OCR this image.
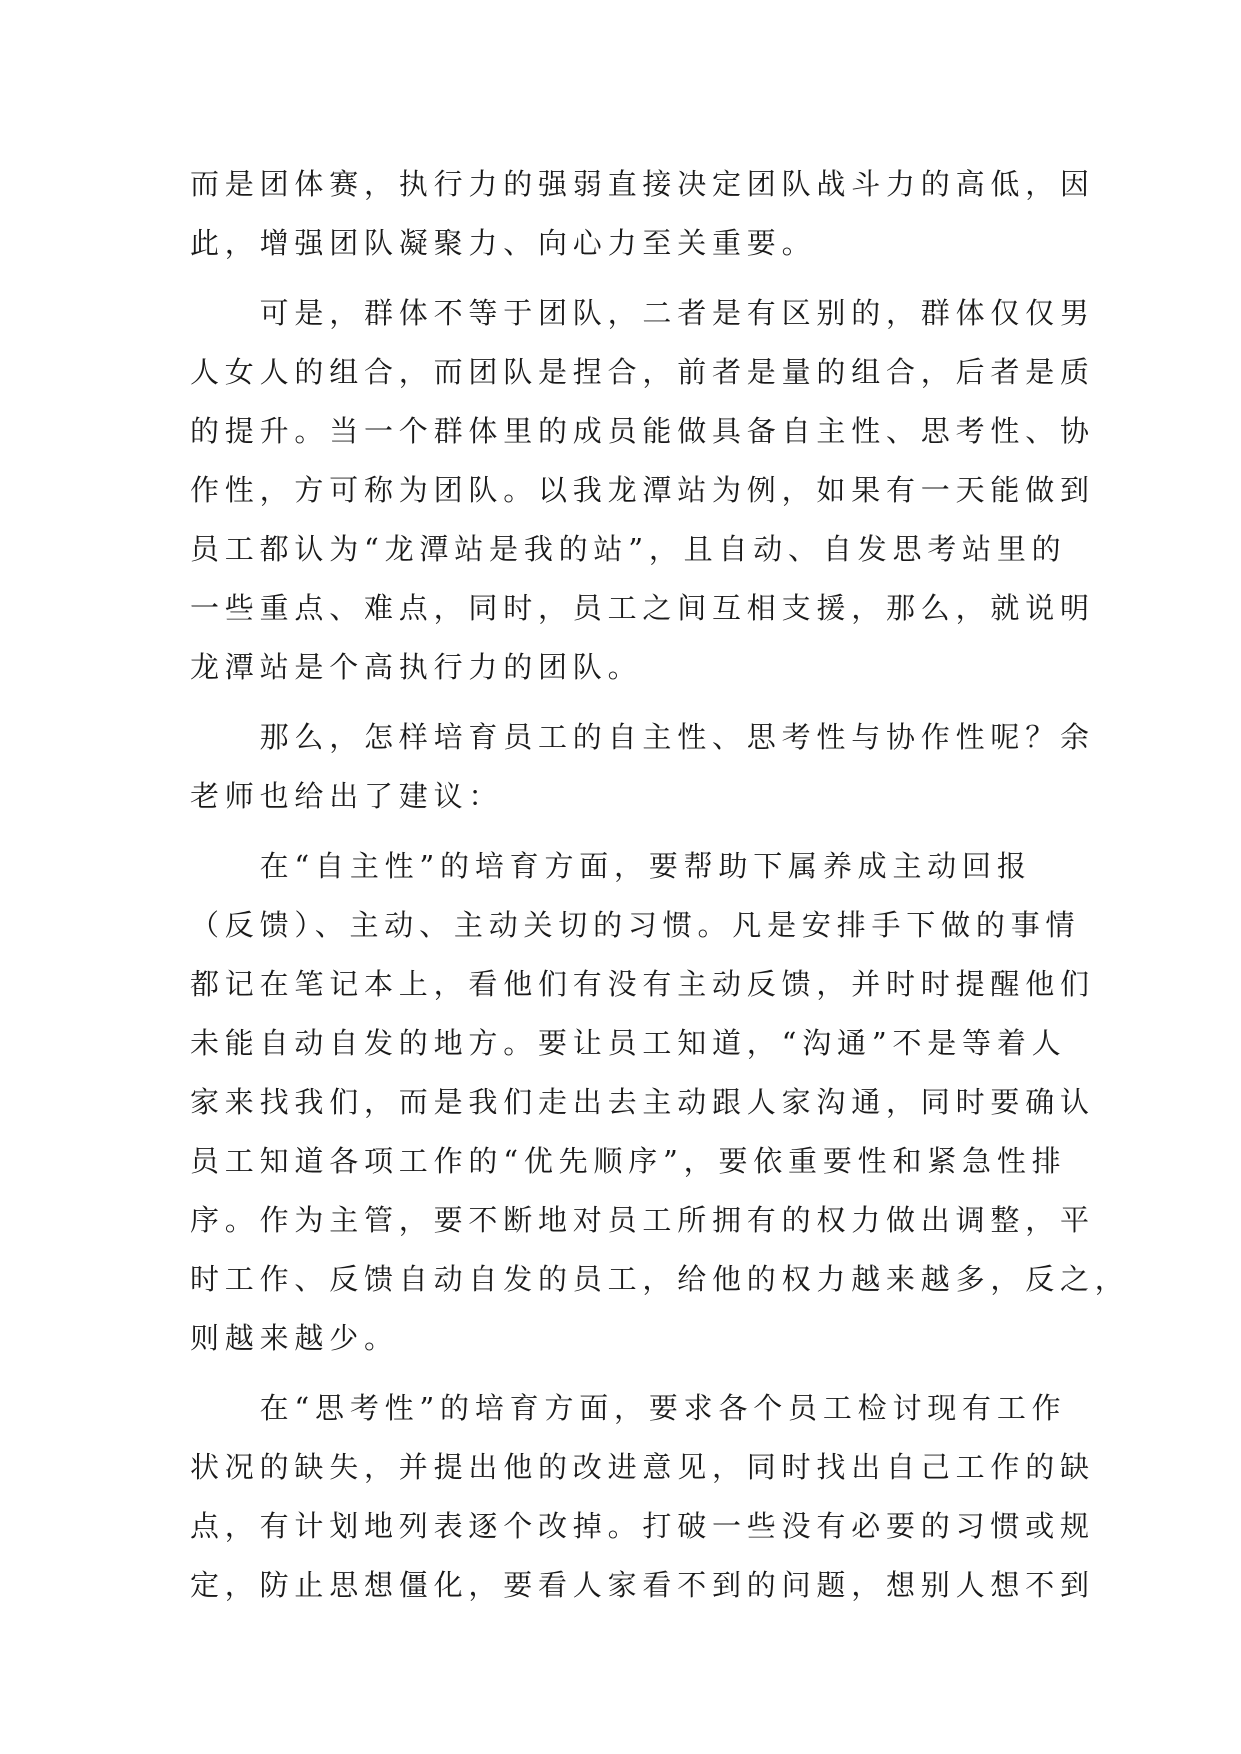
而是团体赛，执行力的强弱直接决定团队战斗力的高低，因
此，增强团队凝聚力、向心力至关重要。
　　可是，群体不等于团队，二者是有区别的，群体仅仅男
人女人的组合，而团队是捏合，前者是量的组合，后者是质
的提升。当一个群体里的成员能做具备自主性、思考性、协
作性，方可称为团队。以我龙潭站为例，如果有一天能做到
员工都认为“龙潭站是我的站”，且自动、自发思考站里的
一些重点、难点，同时，员工之间互相支援，那么，就说明
龙潭站是个高执行力的团队。
　　那么，怎样培育员工的自主性、思考性与协作性呢？余
老师也给出了建议：
　　在“自主性”的培育方面，要帮助下属养成主动回报
（反馈）、主动、主动关切的习惯。凡是安排手下做的事情
都记在笔记本上，看他们有没有主动反馈，并时时提醒他们
未能自动自发的地方。要让员工知道，“沟通”不是等着人
家来找我们，而是我们走出去主动跟人家沟通，同时要确认
员工知道各项工作的“优先顺序”，要依重要性和紧急性排
序。作为主管，要不断地对员工所拥有的权力做出调整，平
时工作、反馈自动自发的员工，给他的权力越来越多，反之，
则越来越少。
　　在“思考性”的培育方面，要求各个员工检讨现有工作
状况的缺失，并提出他的改进意见，同时找出自己工作的缺
点，有计划地列表逐个改掉。打破一些没有必要的习惯或规
定，防止思想僵化，要看人家看不到的问题，想别人想不到
